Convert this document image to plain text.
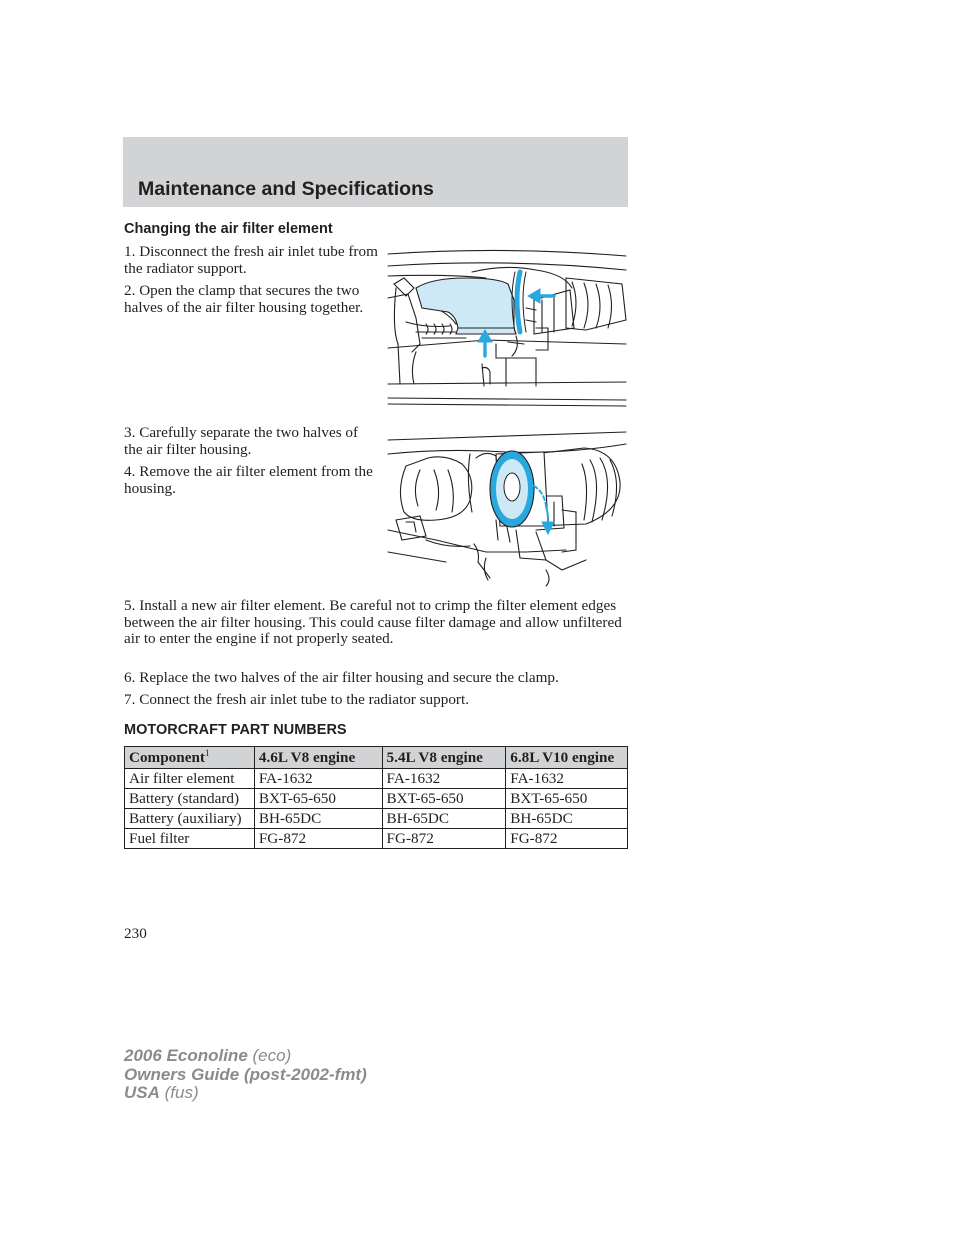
Maintenance and Specifications
Changing the air filter element

1. Disconnect the fresh air inlet tube from the radiator support.

2. Open the clamp that secures the two halves of the air filter housing together.

3. Carefully separate the two halves of the air filter housing.

4. Remove the air filter element from the housing.

5. Install a new air filter element. Be careful not to crimp the filter element edges between the air filter housing. This could cause filter damage and allow unfiltered air to enter the engine if not properly seated.

6. Replace the two halves of the air filter housing and secure the clamp.

7. Connect the fresh air inlet tube to the radiator support.

MOTORCRAFT PART NUMBERS
Component$^1$	4.6L V8 engine	5.4L V8 engine	6.8L V10 engine
Air filter element	FA-1632	FA-1632	FA-1632
Battery (standard)	BXT-65-650	BXT-65-650	BXT-65-650
Battery (auxiliary)	BH-65DC	BH-65DC	BH-65DC
Fuel filter	FG-872	FG-872	FG-872
230
2006 Econoline (eco)
Owners Guide (post-2002-fmt)
USA (fus)
